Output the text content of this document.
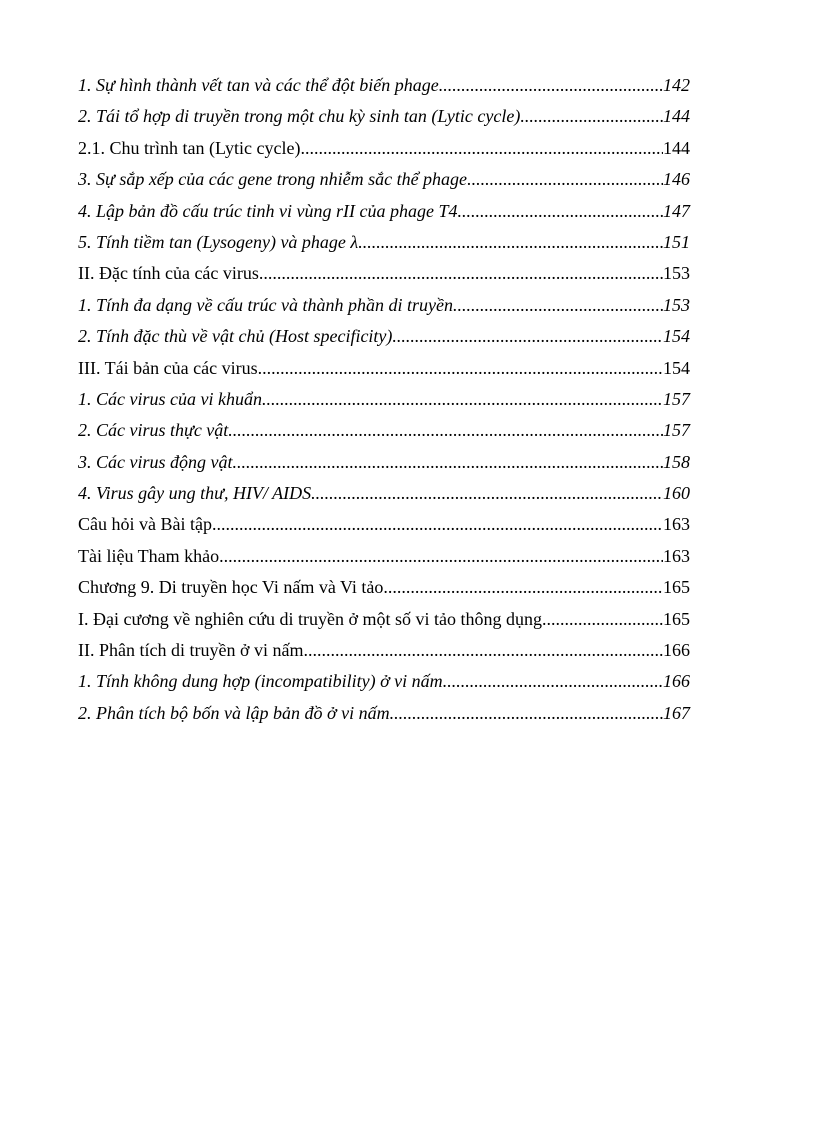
1. Sự hình thành vết tan và các thể đột biến phage .....	142
2. Tái tổ hợp di truyền trong một chu kỳ sinh tan (Lytic cycle) .....	144
2.1. Chu trình tan (Lytic cycle) .....	144
3. Sự sắp xếp của các gene trong nhiễm sắc thể phage .....	146
4. Lập bản đồ cấu trúc tinh vi vùng rII của phage T4 .....	147
5. Tính tiềm tan (Lysogeny) và phage λ .....	151
II. Đặc tính của các virus .....	153
1. Tính đa dạng về cấu trúc và thành phần di truyền .....	153
2. Tính đặc thù về vật chủ (Host specificity) .....	154
III. Tái bản của các virus .....	154
1. Các virus của vi khuẩn .....	157
2. Các virus thực vật .....	157
3. Các virus động vật .....	158
4. Virus gây ung thư, HIV/ AIDS .....	160
Câu hỏi và Bài tập .....	163
Tài liệu Tham khảo .....	163
Chương 9. Di truyền học Vi nấm và Vi tảo .....	165
I. Đại cương về nghiên cứu di truyền ở một số vi tảo thông dụng .....	165
II. Phân tích di truyền ở vi nấm .....	166
1. Tính không dung hợp (incompatibility) ở vi nấm .....	166
2. Phân tích bộ bốn và lập bản đồ ở vi nấm .....	167
